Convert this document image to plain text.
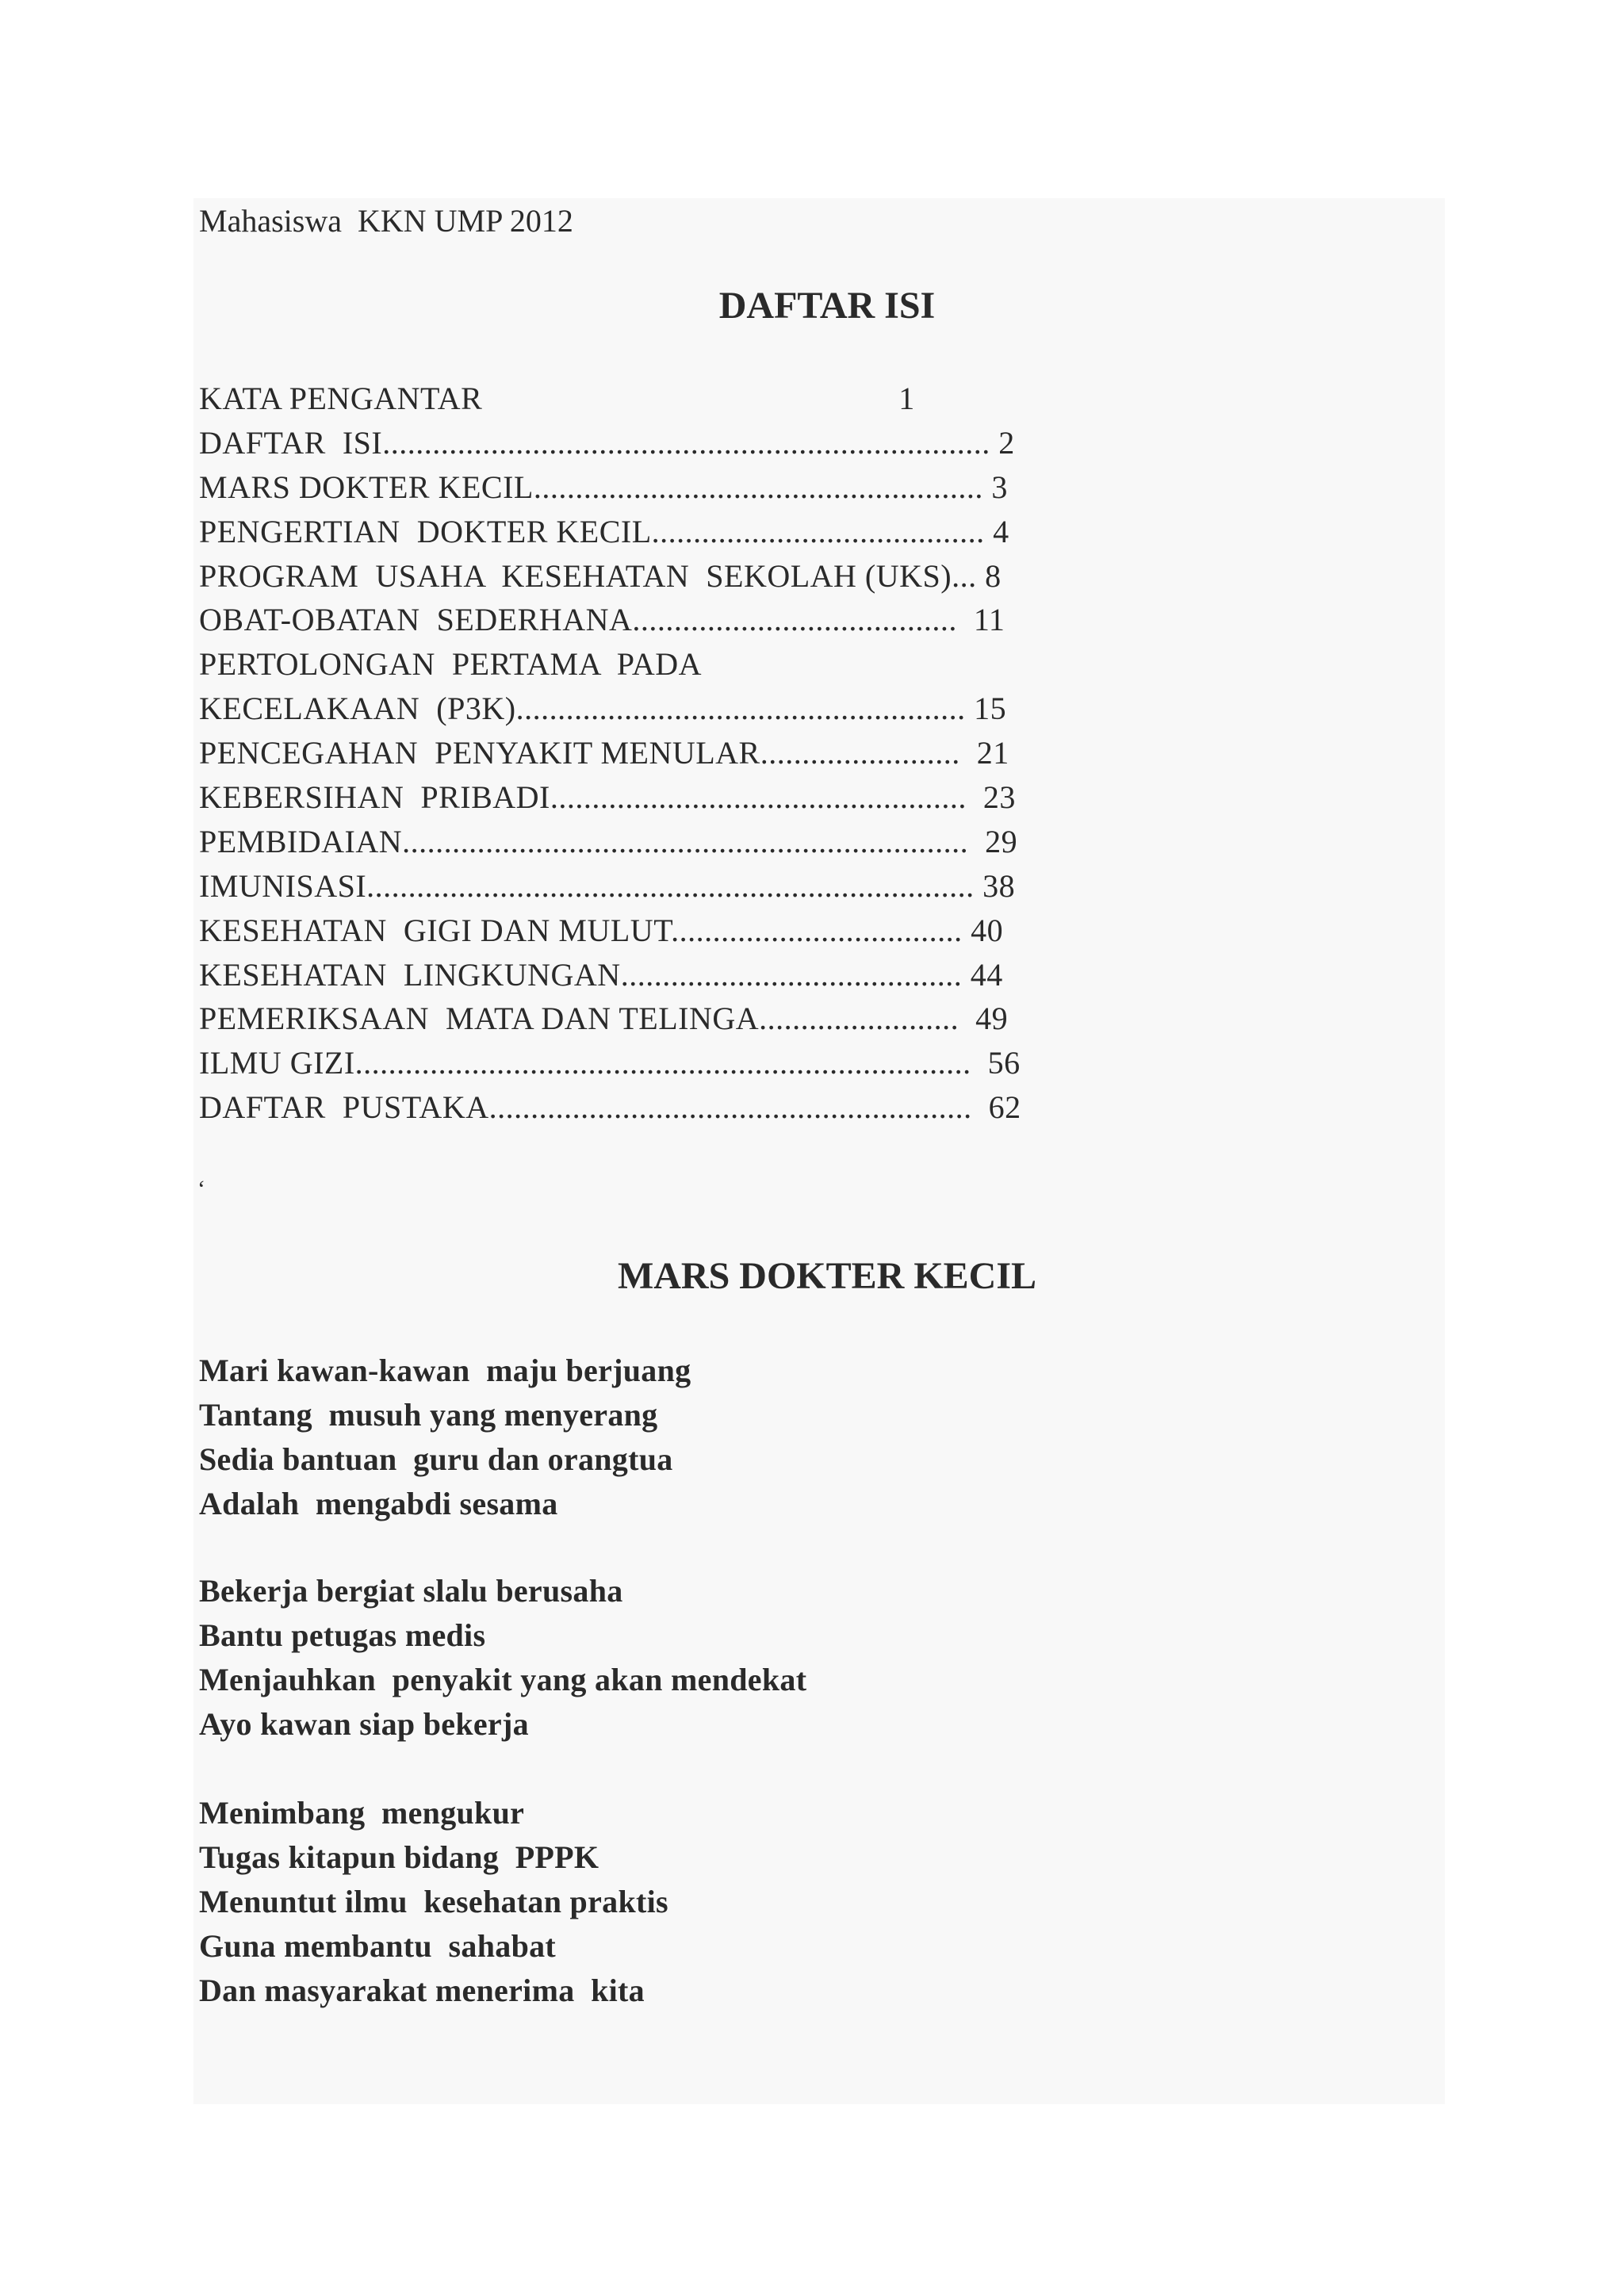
Mahasiswa  KKN UMP 2012
DAFTAR ISI
KATA PENGANTAR                                                  1
DAFTAR  ISI......................................................................... 2
MARS DOKTER KECIL...................................................... 3
PENGERTIAN  DOKTER KECIL........................................ 4
PROGRAM  USAHA  KESEHATAN  SEKOLAH (UKS)... 8
OBAT-OBATAN  SEDERHANA.......................................  11
PERTOLONGAN  PERTAMA  PADA
KECELAKAAN  (P3K)...................................................... 15
PENCEGAHAN  PENYAKIT MENULAR........................  21
KEBERSIHAN  PRIBADI..................................................  23
PEMBIDAIAN....................................................................  29
IMUNISASI......................................................................... 38
KESEHATAN  GIGI DAN MULUT................................... 40
KESEHATAN  LINGKUNGAN......................................... 44
PEMERIKSAAN  MATA DAN TELINGA........................  49
ILMU GIZI..........................................................................  56
DAFTAR  PUSTAKA..........................................................  62
‘
MARS DOKTER KECIL
Mari kawan-kawan  maju berjuang
Tantang  musuh yang menyerang
Sedia bantuan  guru dan orangtua
Adalah  mengabdi sesama
Bekerja bergiat slalu berusaha
Bantu petugas medis
Menjauhkan  penyakit yang akan mendekat
Ayo kawan siap bekerja
Menimbang  mengukur
Tugas kitapun bidang  PPPK
Menuntut ilmu  kesehatan praktis
Guna membantu  sahabat
Dan masyarakat menerima  kita
